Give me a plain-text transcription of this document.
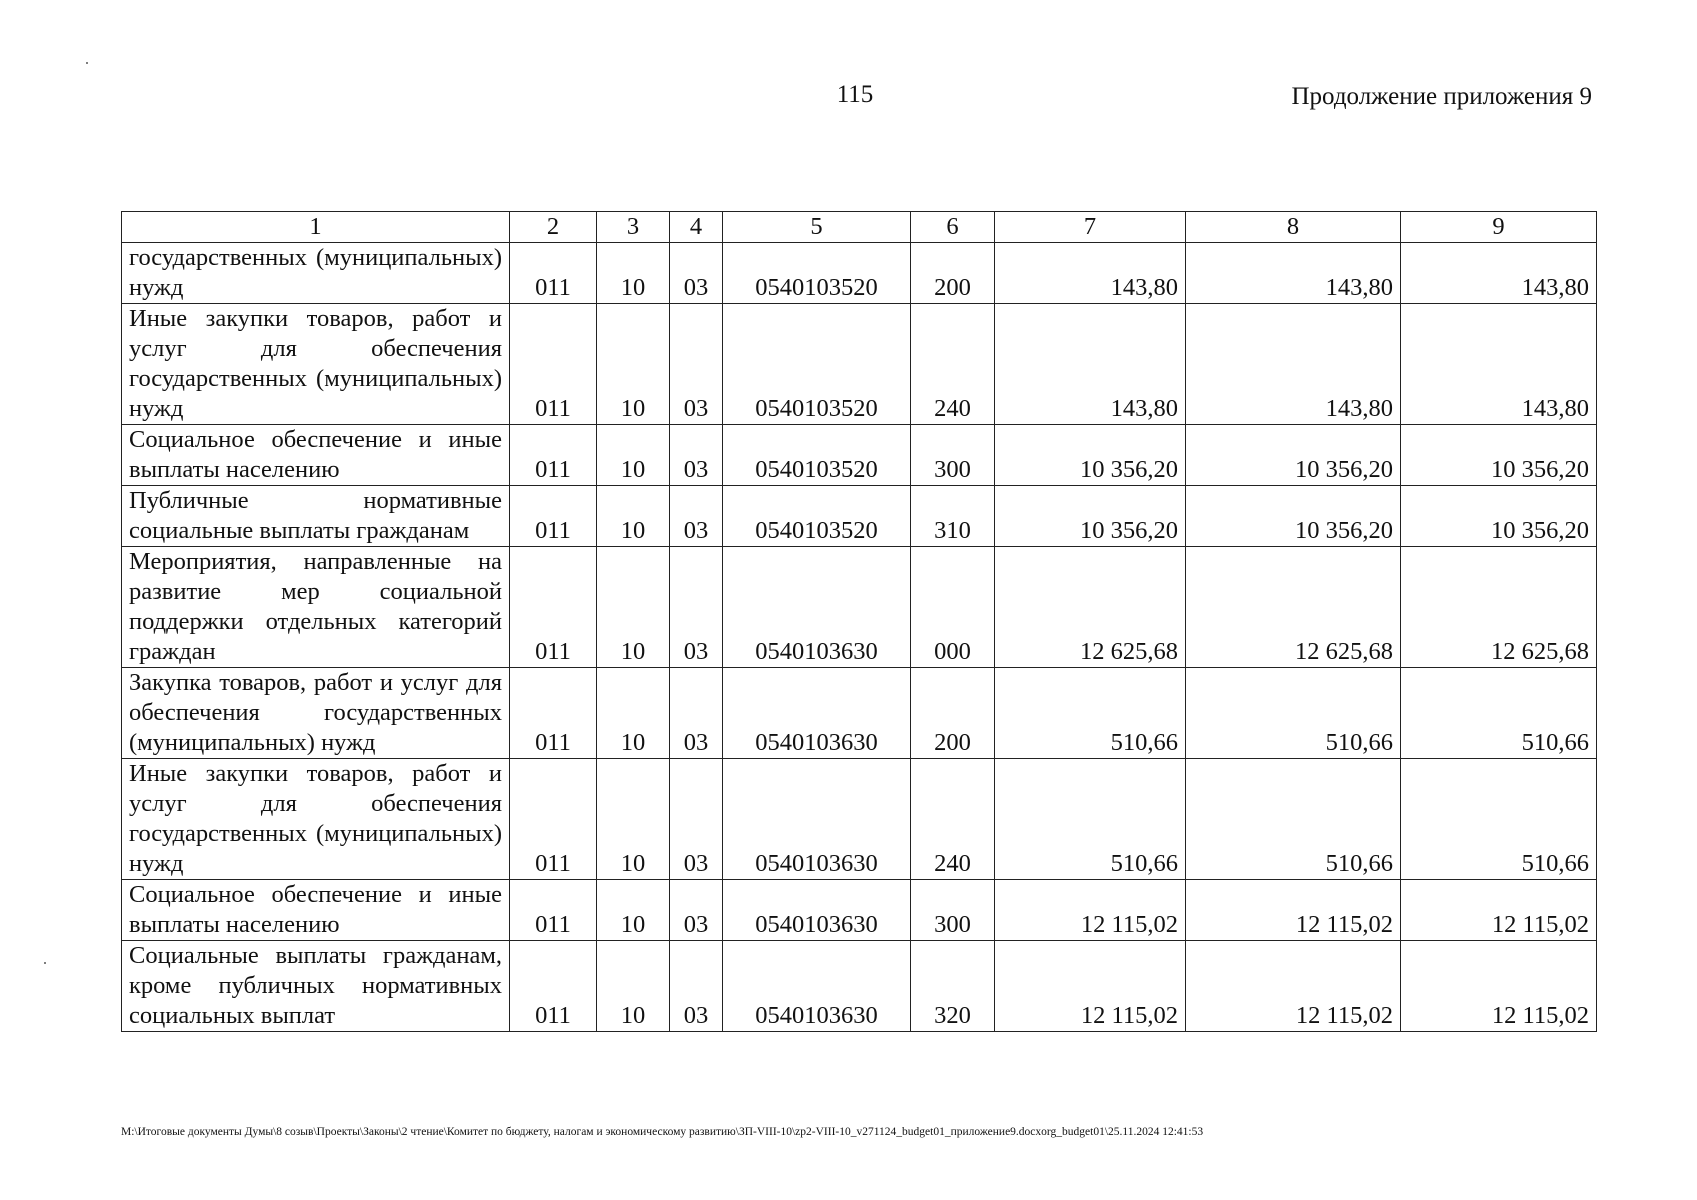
115	Продолжение приложения 9
1	2	3	4	5	6	7	8	9
государственных (муниципальных) нужд	011	10	03	0540103520	200	143,80	143,80	143,80
Иные закупки товаров, работ и услуг для обеспечения государственных (муниципальных) нужд	011	10	03	0540103520	240	143,80	143,80	143,80
Социальное обеспечение и иные выплаты населению	011	10	03	0540103520	300	10 356,20	10 356,20	10 356,20
Публичные нормативные социальные выплаты гражданам	011	10	03	0540103520	310	10 356,20	10 356,20	10 356,20
Мероприятия, направленные на развитие мер социальной поддержки отдельных категорий граждан	011	10	03	0540103630	000	12 625,68	12 625,68	12 625,68
Закупка товаров, работ и услуг для обеспечения государственных (муниципальных) нужд	011	10	03	0540103630	200	510,66	510,66	510,66
Иные закупки товаров, работ и услуг для обеспечения государственных (муниципальных) нужд	011	10	03	0540103630	240	510,66	510,66	510,66
Социальное обеспечение и иные выплаты населению	011	10	03	0540103630	300	12 115,02	12 115,02	12 115,02
Социальные выплаты гражданам, кроме публичных нормативных социальных выплат	011	10	03	0540103630	320	12 115,02	12 115,02	12 115,02
M:\Итоговые документы Думы\8 созыв\Проекты\Законы\2 чтение\Комитет по бюджету, налогам и экономическому развитию\ЗП-VIII-10\zp2-VIII-10_v271124_budget01_приложение9.docxorg_budget01\25.11.2024 12:41:53
